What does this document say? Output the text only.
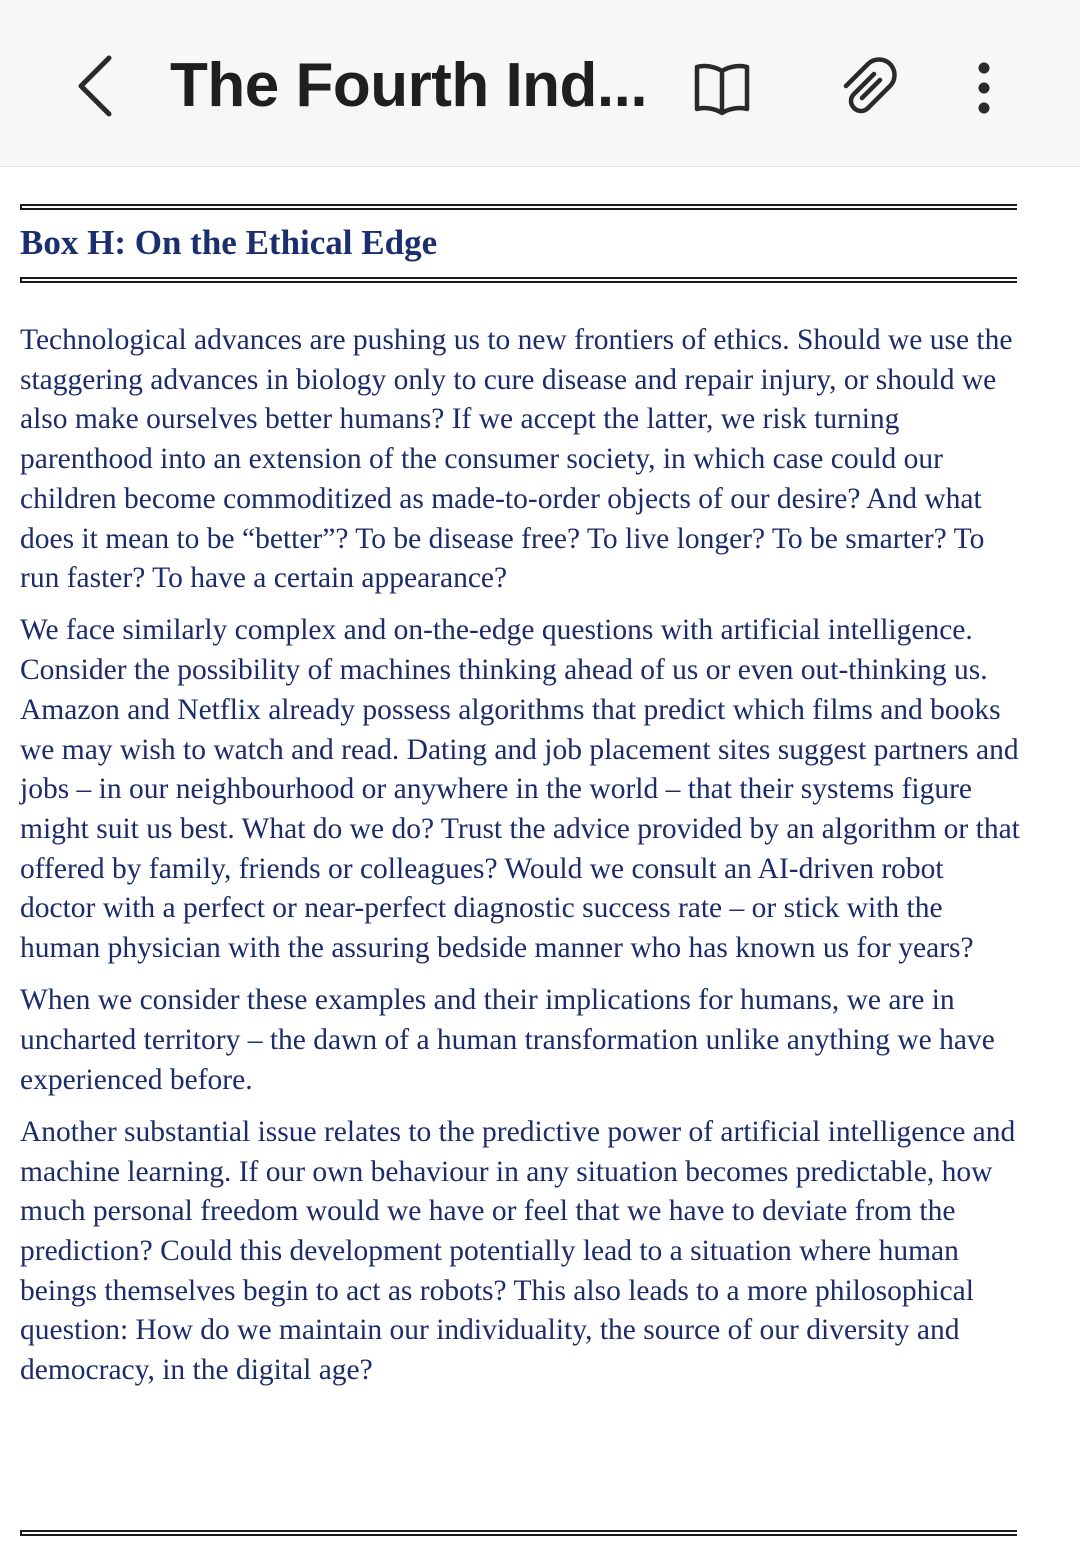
The Fourth Ind...
Box H: On the Ethical Edge

Technological advances are pushing us to new frontiers of ethics. Should we use the staggering advances in biology only to cure disease and repair injury, or should we also make ourselves better humans? If we accept the latter, we risk turning parenthood into an extension of the consumer society, in which case could our children become commoditized as made-to-order objects of our desire? And what does it mean to be “better”? To be disease free? To live longer? To be smarter? To run faster? To have a certain appearance?

We face similarly complex and on-the-edge questions with artificial intelligence. Consider the possibility of machines thinking ahead of us or even out-thinking us. Amazon and Netflix already possess algorithms that predict which films and books we may wish to watch and read. Dating and job placement sites suggest partners and jobs – in our neighbourhood or anywhere in the world – that their systems figure might suit us best. What do we do? Trust the advice provided by an algorithm or that offered by family, friends or colleagues? Would we consult an AI-driven robot doctor with a perfect or near-perfect diagnostic success rate – or stick with the human physician with the assuring bedside manner who has known us for years?

When we consider these examples and their implications for humans, we are in uncharted territory – the dawn of a human transformation unlike anything we have experienced before.

Another substantial issue relates to the predictive power of artificial intelligence and machine learning. If our own behaviour in any situation becomes predictable, how much personal freedom would we have or feel that we have to deviate from the prediction? Could this development potentially lead to a situation where human beings themselves begin to act as robots? This also leads to a more philosophical question: How do we maintain our individuality, the source of our diversity and democracy, in the digital age?
